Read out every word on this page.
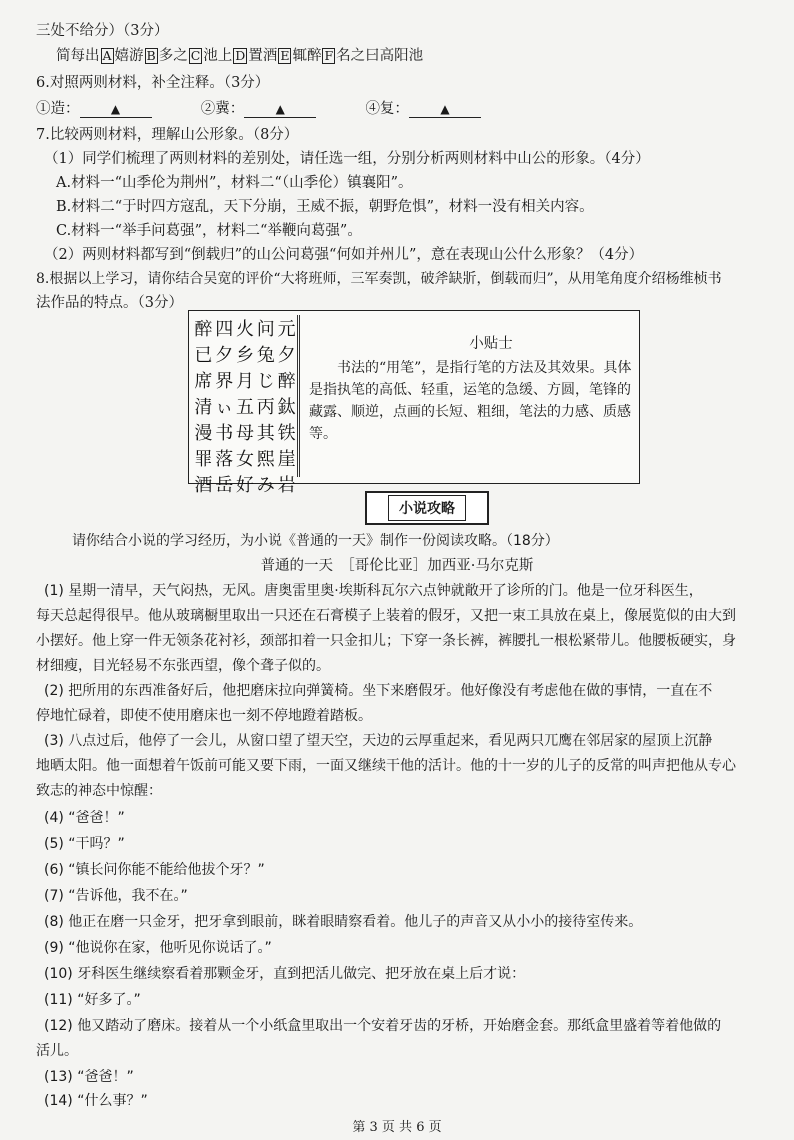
三处不给分）（3分）
简每出 A 嬉游 B 多之 C 池上 D 置酒 E 辄醉 F 名之曰高阳池
6.对照两则材料，补全注释。（3分）
①造：	▲	②冀：	▲	④复：	▲
7.比较两则材料，理解山公形象。（8分）
（1）同学们梳理了两则材料的差别处，请任选一组，分别分析两则材料中山公的形象。（4分）
A.材料一“山季伦为荆州”，材料二“（山季伦）镇襄阳”。
B.材料二“于时四方寇乱，天下分崩，王威不振，朝野危惧”，材料一没有相关内容。
C.材料一“举手问葛强”，材料二“举鞭向葛强”。
（2）两则材料都写到“倒载归”的山公问葛强“何如并州儿”，意在表现山公什么形象？（4分）
8.根据以上学习，请你结合吴宽的评价“大将班师，三军奏凯，破斧缺斨，倒载而归”，从用笔角度介绍杨维桢书
法作品的特点。（3分）
醉 四 火 问 元
已 夕 乡 兔 夕
席 界 月 じ 醉
清 ぃ 五 丙 鈦
漫 书 母 其 铁
罪 落 女 熙 崖
酒 岳 好 み 岩
小贴士
书法的“用笔”，是指行笔的方法及其效果。具体是指执笔的高低、轻重，运笔的急缓、方圆，笔锋的藏露、顺逆，点画的长短、粗细，笔法的力感、质感等。
小说攻略
请你结合小说的学习经历，为小说《普通的一天》制作一份阅读攻略。（18分）
普通的一天　［哥伦比亚］加西亚·马尔克斯
(1) 星期一清早，天气闷热，无风。唐奥雷里奥·埃斯科瓦尔六点钟就敞开了诊所的门。他是一位牙科医生，
每天总起得很早。他从玻璃橱里取出一只还在石膏模子上装着的假牙，又把一束工具放在桌上，像展览似的由大到
小摆好。他上穿一件无领条花衬衫，颈部扣着一只金扣儿；下穿一条长裤，裤腰扎一根松紧带儿。他腰板硬实，身
材细瘦，目光轻易不东张西望，像个聋子似的。
(2) 把所用的东西准备好后，他把磨床拉向弹簧椅。坐下来磨假牙。他好像没有考虑他在做的事情，一直在不
停地忙碌着，即使不使用磨床也一刻不停地蹬着踏板。
(3) 八点过后，他停了一会儿，从窗口望了望天空，天边的云厚重起来，看见两只兀鹰在邻居家的屋顶上沉静
地晒太阳。他一面想着午饭前可能又要下雨，一面又继续干他的活计。他的十一岁的儿子的反常的叫声把他从专心
致志的神态中惊醒：
(4) “爸爸！”
(5) “干吗？”
(6) “镇长问你能不能给他拔个牙？”
(7) “告诉他，我不在。”
(8) 他正在磨一只金牙，把牙拿到眼前，眯着眼睛察看着。他儿子的声音又从小小的接待室传来。
(9) “他说你在家，他听见你说话了。”
(10) 牙科医生继续察看着那颗金牙，直到把活儿做完、把牙放在桌上后才说：
(11) “好多了。”
(12) 他又踏动了磨床。接着从一个小纸盒里取出一个安着牙齿的牙桥，开始磨金套。那纸盒里盛着等着他做的
活儿。
(13) “爸爸！”
(14) “什么事？”
第 3 页 共 6 页
